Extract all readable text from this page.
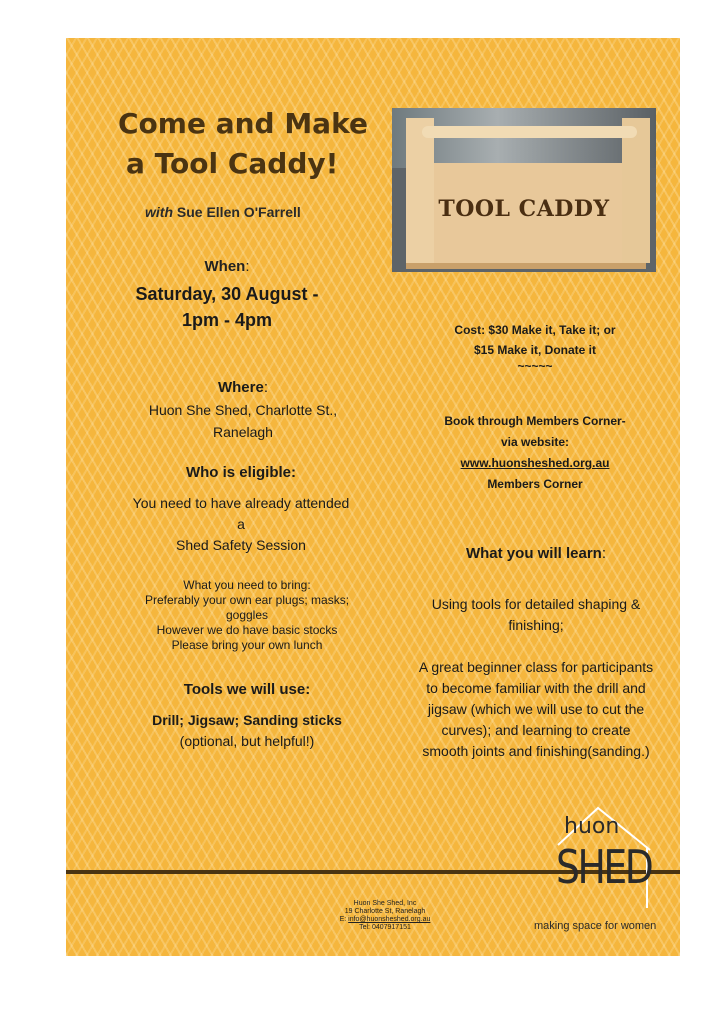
Come and Make
a Tool Caddy!

with Sue Ellen O'Farrell

When:
Saturday, 30 August -
1pm - 4pm
Where:
Huon She Shed, Charlotte St.,
Ranelagh
Who is eligible:
You need to have already attended
a
Shed Safety Session
What you need to bring:
Preferably your own ear plugs; masks;
goggles
However we do have basic stocks
Please bring your own lunch
Tools we will use:
Drill; Jigsaw; Sanding sticks
(optional, but helpful!)
TOOL CADDY
Cost: $30 Make it, Take it; or
$15 Make it, Donate it
~~~~~
Book through Members Corner-
via website:
www.huonsheshed.org.au
Members Corner
What you will learn:
Using tools for detailed shaping &
finishing;
A great beginner class for participants
to become familiar with the drill and
jigsaw (which we will use to cut the
curves); and learning to create
smooth joints and finishing(sanding.)
Huon She Shed, Inc
19 Charlotte St, Ranelagh
E: info@huonsheshed.org.au
Tel: 0407917151
huon
SHED
making space for women
